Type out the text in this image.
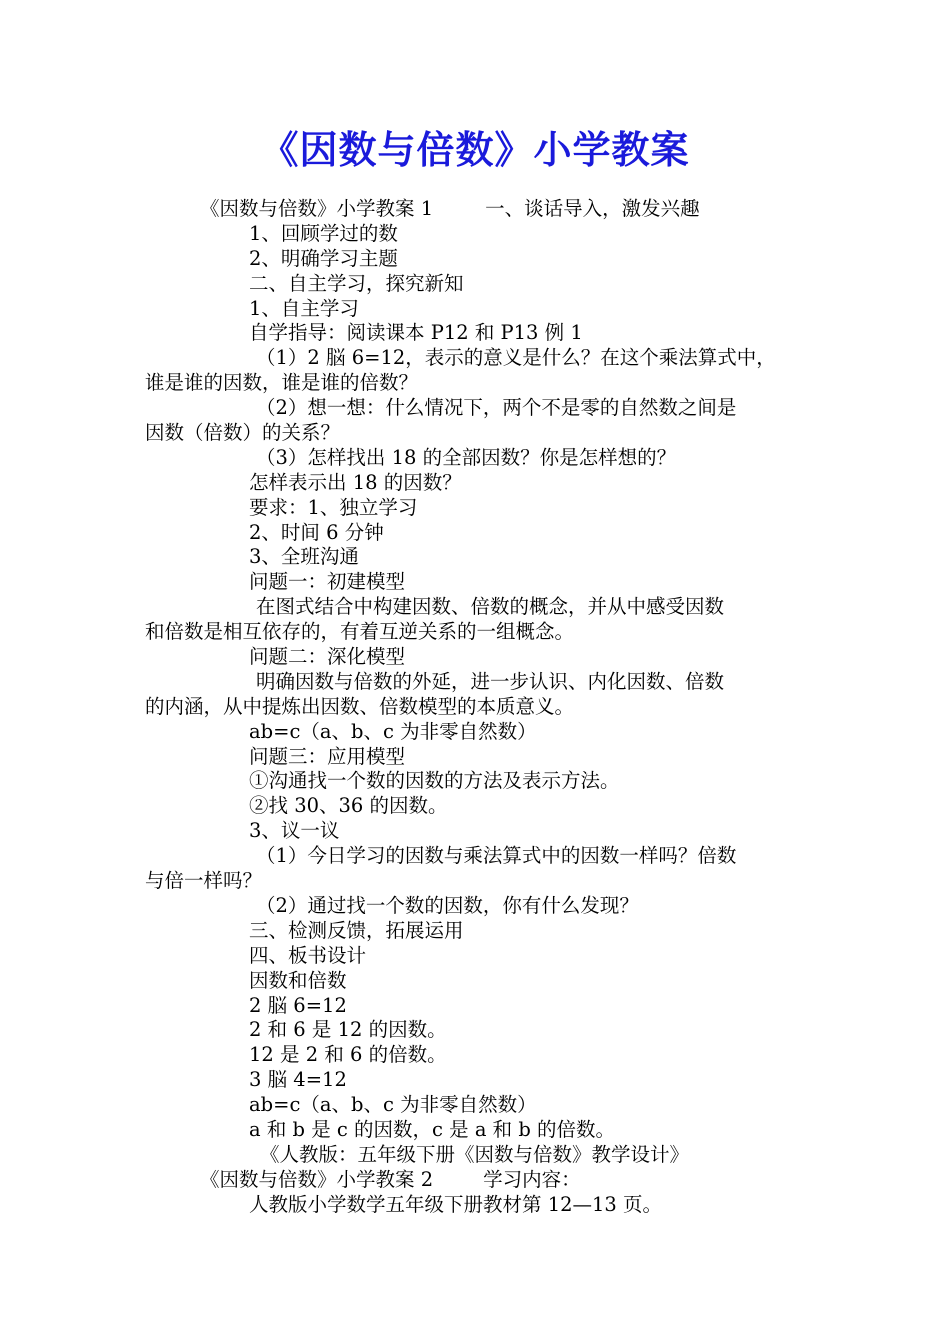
《因数与倍数》小学教案
《因数与倍数》小学教案 1	一、谈话导入，激发兴趣
1、回顾学过的数
2、明确学习主题
二、自主学习，探究新知
1、自主学习
自学指导：阅读课本 P12 和 P13 例 1
（1）2 脳 6=12，表示的意义是什么？在这个乘法算式中，
谁是谁的因数，谁是谁的倍数？
（2）想一想：什么情况下，两个不是零的自然数之间是
因数（倍数）的关系？
（3）怎样找出 18 的全部因数？你是怎样想的？
怎样表示出 18 的因数？
要求：1、独立学习
2、时间 6 分钟
3、全班沟通
问题一：初建模型
在图式结合中构建因数、倍数的概念，并从中感受因数
和倍数是相互依存的，有着互逆关系的一组概念。
问题二：深化模型
明确因数与倍数的外延，进一步认识、内化因数、倍数
的内涵，从中提炼出因数、倍数模型的本质意义。
ab=c（a、b、c 为非零自然数）
问题三：应用模型
①沟通找一个数的因数的方法及表示方法。
②找 30、36 的因数。
3、议一议
（1）今日学习的因数与乘法算式中的因数一样吗？倍数
与倍一样吗？
（2）通过找一个数的因数，你有什么发现？
三、检测反馈，拓展运用
四、板书设计
因数和倍数
2 脳 6=12
2 和 6 是 12 的因数。
12 是 2 和 6 的倍数。
3 脳 4=12
ab=c（a、b、c 为非零自然数）
a 和 b 是 c 的因数，c 是 a 和 b 的倍数。
《人教版：五年级下册《因数与倍数》教学设计》
《因数与倍数》小学教案 2	学习内容：
人教版小学数学五年级下册教材第 12—13 页。
